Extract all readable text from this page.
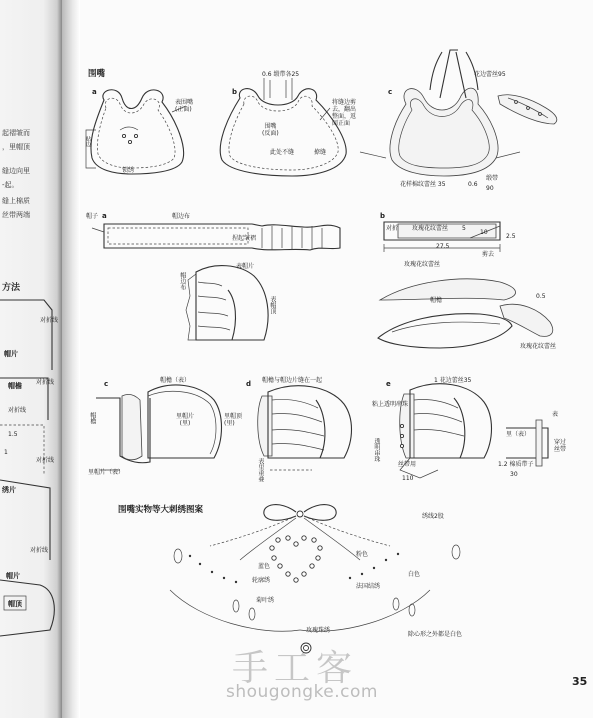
起褶皱而
，里帽顶
缝边向里
-起。
缝上棉质
丝带两端
方法
对折线
帽片
帽檐 对折线
对折线
1.5
1
对折线
绣片
对折线
帽片
帽顶
围嘴
a
表围嘴
(正面)
贴边
锁绣
b
0.6 缎带各25
围嘴
(反面)
此处不缝
将缝边剪
去，翻出
整面，返
回正面
撩缝
c
花边蕾丝95
花样棉纹蕾丝 35	0.6
缎带
90
帽子 a	帽边布
捏起皱褶
帽边布
表帽片
表帽顶
b
对折 玫瑰花纹蕾丝 5
10
2.5
27.5
剪去
玫瑰花纹蕾丝
帽檐
0.5
玫瑰花纹蕾丝
c	帽檐（表）
帽檐	里帽片
(里)
里帽顶
(里)
里帽片（表）
d 帽檐与帽边片缝在一起
表里重叠
e	1 花边蕾丝35
粘上透明串珠
透明串珠
丝带用
110
里（表）
表
穿过
丝带
1.2 棉质带子
30
围嘴实物等大刺绣图案
绣线2股
粉色
蓝色
轮廓绣
法国结绣
白色
菊叶绣
玫瑰珠绣
除心形之外都是白色
35
手工客
shougongke.com
